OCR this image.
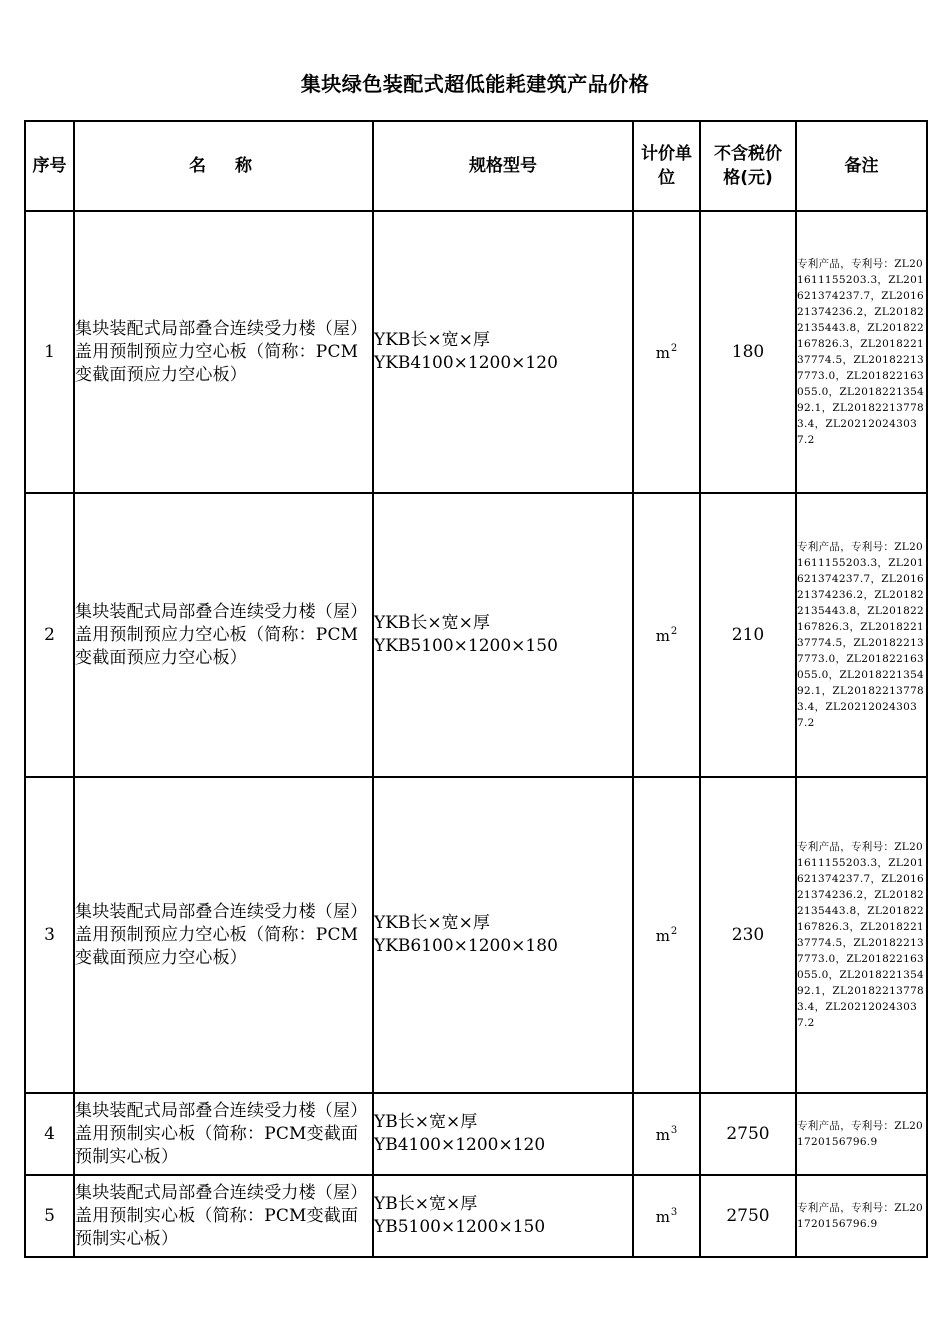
集块绿色装配式超低能耗建筑产品价格
序号	名　称	规格型号	计价单位	不含税价格(元)	备注
1	集块装配式局部叠合连续受力楼（屋）盖用预制预应力空心板（简称：PCM变截面预应力空心板）	YKB长×宽×厚 YKB4100×1200×120	$m^2$	180	专利产品，专利号：ZL201611155203.3，ZL201621374237.7，ZL201621374236.2，ZL201822135443.8，ZL201822167826.3，ZL201822137774.5，ZL201822137773.0，ZL201822163055.0，ZL201822135492.1，ZL201822137783.4，ZL202120243037.2
2	集块装配式局部叠合连续受力楼（屋）盖用预制预应力空心板（简称：PCM变截面预应力空心板）	YKB长×宽×厚 YKB5100×1200×150	$m^2$	210	专利产品，专利号：ZL201611155203.3，ZL201621374237.7，ZL201621374236.2，ZL201822135443.8，ZL201822167826.3，ZL201822137774.5，ZL201822137773.0，ZL201822163055.0，ZL201822135492.1，ZL201822137783.4，ZL202120243037.2
3	集块装配式局部叠合连续受力楼（屋）盖用预制预应力空心板（简称：PCM变截面预应力空心板）	YKB长×宽×厚 YKB6100×1200×180	$m^2$	230	专利产品，专利号：ZL201611155203.3，ZL201621374237.7，ZL201621374236.2，ZL201822135443.8，ZL201822167826.3，ZL201822137774.5，ZL201822137773.0，ZL201822163055.0，ZL201822135492.1，ZL201822137783.4，ZL202120243037.2
4	集块装配式局部叠合连续受力楼（屋）盖用预制实心板（简称：PCM变截面预制实心板）	YB长×宽×厚 YB4100×1200×120	$m^3$	2750	专利产品，专利号：ZL201720156796.9
5	集块装配式局部叠合连续受力楼（屋）盖用预制实心板（简称：PCM变截面预制实心板）	YB长×宽×厚 YB5100×1200×150	$m^3$	2750	专利产品，专利号：ZL201720156796.9
